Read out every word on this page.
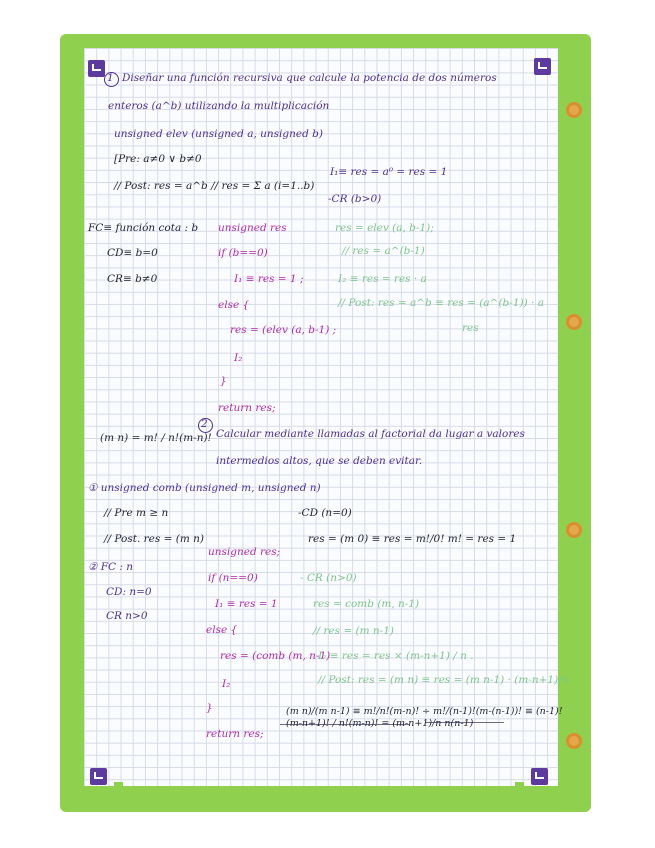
1 Diseñar una función recursiva que calcule la potencia de dos números
enteros (a^b) utilizando la multiplicación
unsigned elev (unsigned a, unsigned b)
[Pre: a≠0 ∨ b≠0
// Post: res = a^b // res = Σ a (i=1..b)
I₁≡ res = a⁰ = res = 1
-CR (b>0)
FC≡ función cota : b
CD≡ b=0
CR≡ b≠0
unsigned res
if (b==0)
I₁ ≡ res = 1 ;
else {
res = (elev (a, b-1) ;
I₂
}
return res;
res = elev (a, b-1);
// res = a^(b-1)
I₂ ≡ res = res · a
// Post: res = a^b ≡ res = (a^(b-1)) · a
res
(m n) = m! / n!(m-n)!
2
Calcular mediante llamadas al factorial da lugar a valores
intermedios altos, que se deben evitar.
① unsigned comb (unsigned m, unsigned n)
// Pre m ≥ n
// Post. res = (m n)
-CD (n=0)
res = (m 0) ≡ res = m!/0! m! = res = 1
② FC : n
CD: n=0
CR n>0
unsigned res;
if (n==0)
I₁ ≡ res = 1
else {
res = (comb (m, n-1)
I₂
}
return res;
- CR (n>0)
res = comb (m, n-1)
// res = (m n-1)
I₂ ≡ res = res × (m-n+1) / n .
// Post: res = (m n) ≡ res = (m n-1) · (m-n+1)/n
(m n)/(m n-1) ≡ m!/n!(m-n)! ÷ m!/(n-1)!(m-(n-1))! ≡ (n-1)!(m-n+1)! / n!(m-n)! = (m-n+1)/n n(n-1)
